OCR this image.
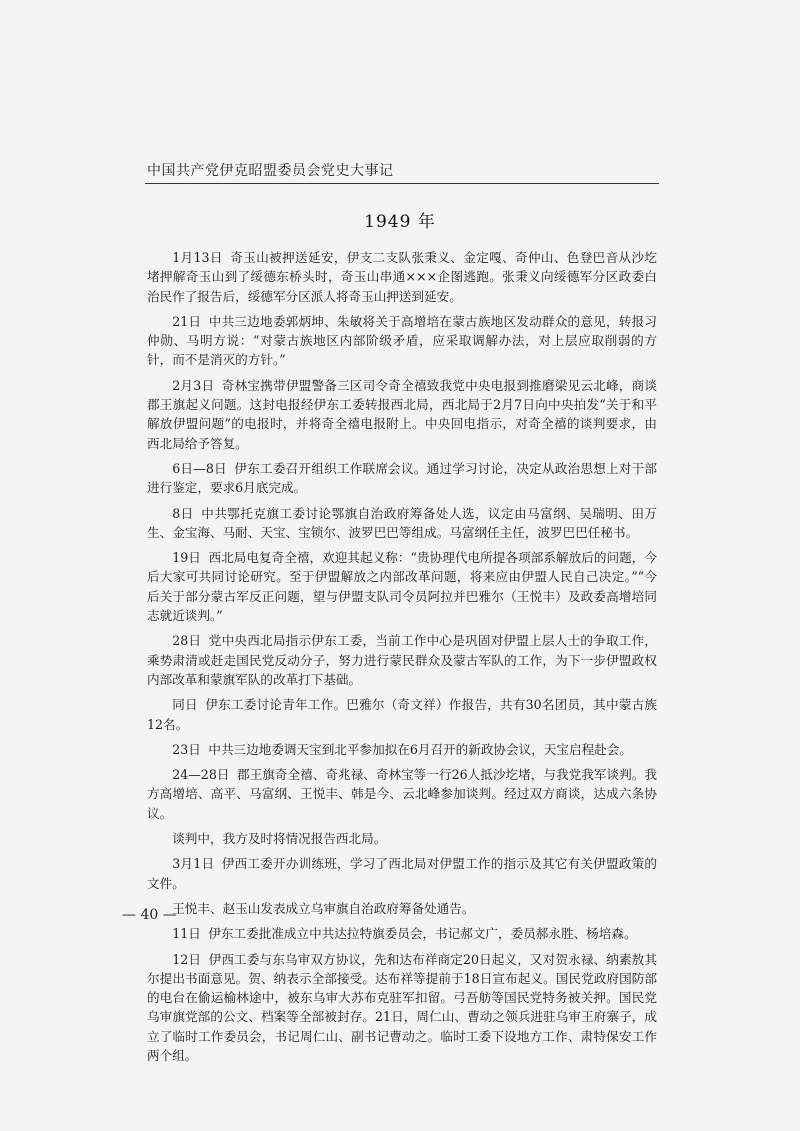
中国共产党伊克昭盟委员会党史大事记
1949 年

1月13日 奇玉山被押送延安，伊支二支队张秉义、金定嘎、奇仲山、色登巴音从沙圪堵押解奇玉山到了绥德东桥头时，奇玉山串通×××企图逃跑。张秉义向绥德军分区政委白治民作了报告后，绥德军分区派人将奇玉山押送到延安。

21日 中共三边地委郭炳坤、朱敏将关于高增培在蒙古族地区发动群众的意见，转报习仲勋、马明方说：“对蒙古族地区内部阶级矛盾，应采取调解办法，对上层应取削弱的方针，而不是消灭的方针。”

2月3日 奇林宝携带伊盟警备三区司令奇全禧致我党中央电报到推磨梁见云北峰，商谈郡王旗起义问题。这封电报经伊东工委转报西北局，西北局于2月7日向中央拍发“关于和平解放伊盟问题”的电报时，并将奇全禧电报附上。中央回电指示，对奇全禧的谈判要求，由西北局给予答复。

6日—8日 伊东工委召开组织工作联席会议。通过学习讨论，决定从政治思想上对干部进行鉴定，要求6月底完成。

8日 中共鄂托克旗工委讨论鄂旗自治政府筹备处人选，议定由马富纲、吴瑞明、田万生、金宝海、马耐、天宝、宝锁尔、波罗巴巴等组成。马富纲任主任，波罗巴巴任秘书。

19日 西北局电复奇全禧，欢迎其起义称：“贵协理代电所提各项部系解放后的问题，今后大家可共同讨论研究。至于伊盟解放之内部改革问题，将来应由伊盟人民自己决定。”“今后关于部分蒙古军反正问题，望与伊盟支队司令员阿拉并巴雅尔（王悦丰）及政委高增培同志就近谈判。”

28日 党中央西北局指示伊东工委，当前工作中心是巩固对伊盟上层人士的争取工作，乘势肃清或赶走国民党反动分子，努力进行蒙民群众及蒙古军队的工作，为下一步伊盟政权内部改革和蒙旗军队的改革打下基础。

同日 伊东工委讨论青年工作。巴雅尔（奇文祥）作报告，共有30名团员，其中蒙古族12名。

23日 中共三边地委调天宝到北平参加拟在6月召开的新政协会议，天宝启程赴会。

24—28日 郡王旗奇全禧、奇兆禄、奇林宝等一行26人抵沙圪堵，与我党我军谈判。我方高增培、高平、马富纲、王悦丰、韩是今、云北峰参加谈判。经过双方商谈，达成六条协议。

谈判中，我方及时将情况报告西北局。

3月1日 伊西工委开办训练班，学习了西北局对伊盟工作的指示及其它有关伊盟政策的文件。

王悦丰、赵玉山发表成立乌审旗自治政府筹备处通告。

11日 伊东工委批准成立中共达拉特旗委员会，书记郝文广，委员郝永胜、杨培森。

12日 伊西工委与东乌审双方协议，先和达布祥商定20日起义，又对贺永禄、纳素敖其尔提出书面意见。贺、纳表示全部接受。达布祥等提前于18日宣布起义。国民党政府国防部的电台在偷运榆林途中，被东乌审大苏布克驻军扣留。弓吾舫等国民党特务被关押。国民党乌审旗党部的公文、档案等全部被封存。21日，周仁山、曹动之领兵进驻乌审王府寨子，成立了临时工作委员会，书记周仁山、副书记曹动之。临时工委下设地方工作、肃特保安工作两个组。

— 40 —
